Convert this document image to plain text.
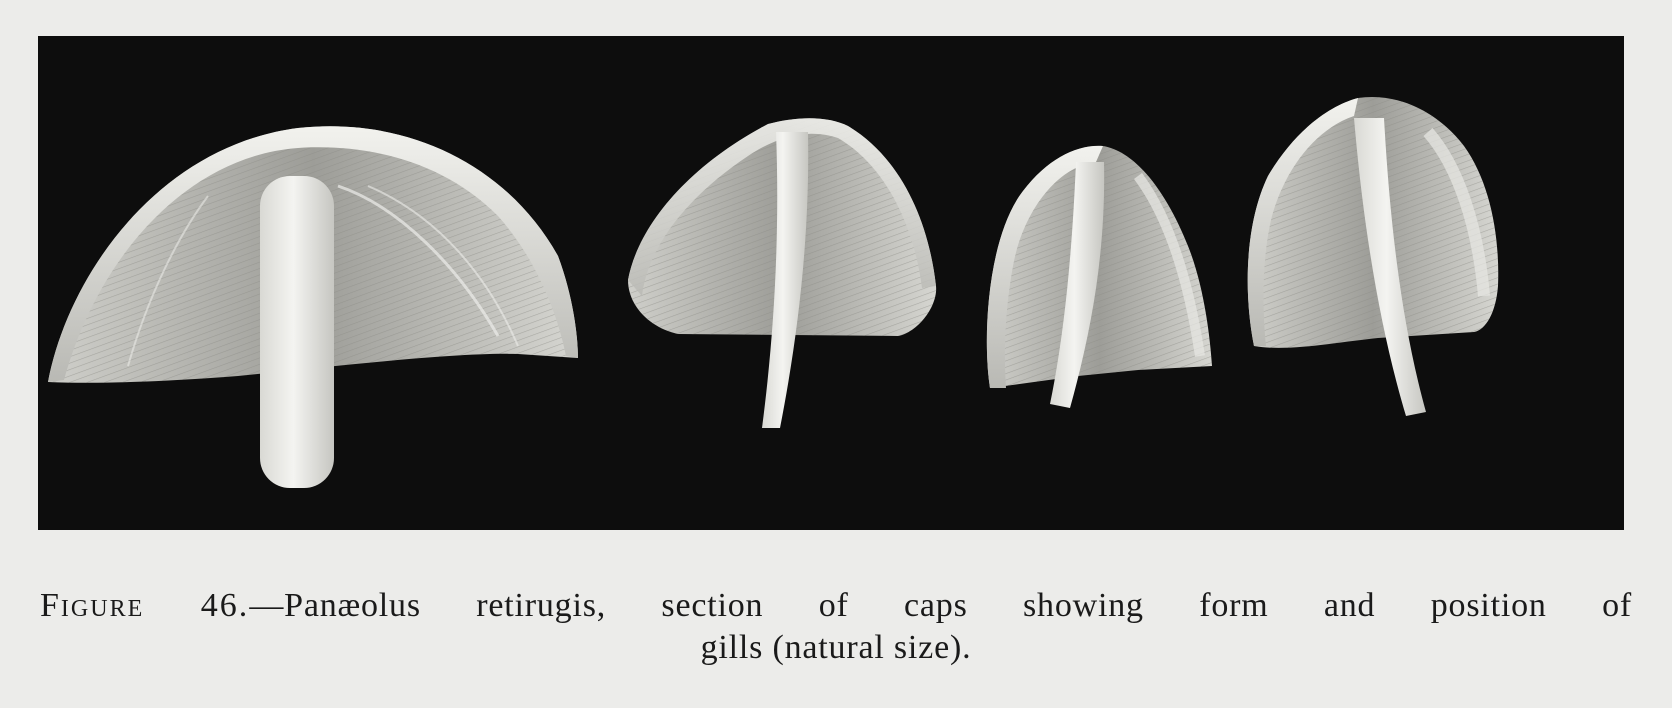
Figure 46.—Panæolus retirugis, section of caps showing form and position of
gills (natural size).
